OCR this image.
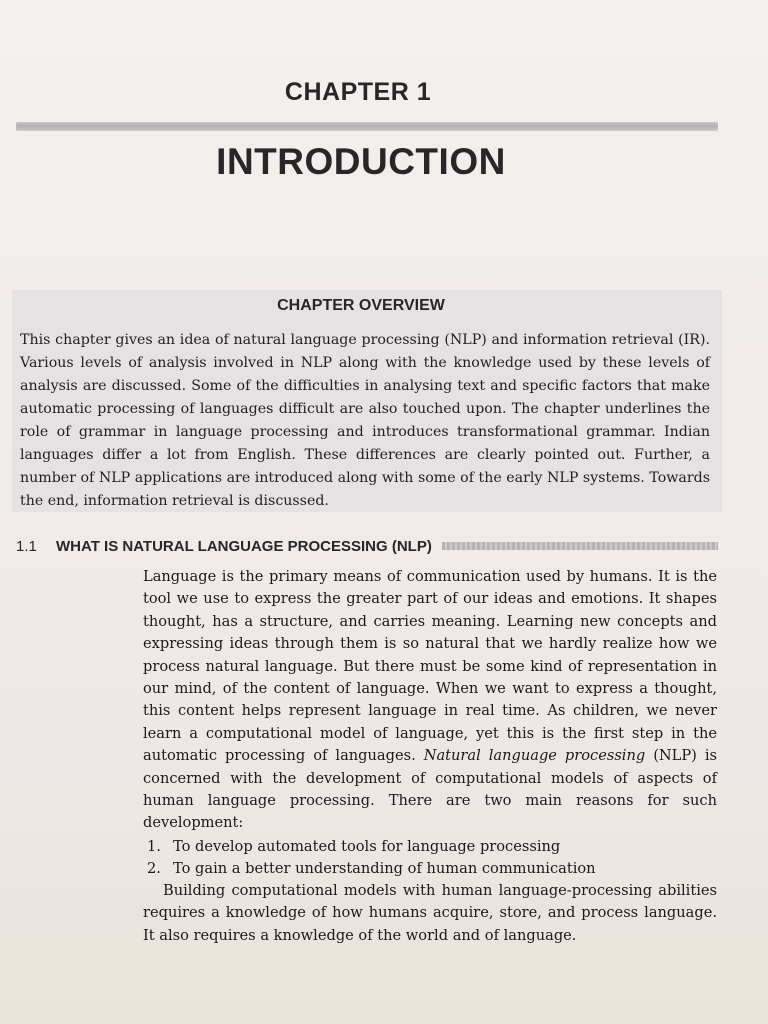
CHAPTER 1
INTRODUCTION
CHAPTER OVERVIEW

This chapter gives an idea of natural language processing (NLP) and information retrieval (IR). Various levels of analysis involved in NLP along with the knowledge used by these levels of analysis are discussed. Some of the difficulties in analysing text and specific factors that make automatic processing of languages difficult are also touched upon. The chapter underlines the role of grammar in language processing and introduces transformational grammar. Indian languages differ a lot from English. These differences are clearly pointed out. Further, a number of NLP applications are introduced along with some of the early NLP systems. Towards the end, information retrieval is discussed.

1.1	WHAT IS NATURAL LANGUAGE PROCESSING (NLP)

Language is the primary means of communication used by humans. It is the tool we use to express the greater part of our ideas and emotions. It shapes thought, has a structure, and carries meaning. Learning new concepts and expressing ideas through them is so natural that we hardly realize how we process natural language. But there must be some kind of representation in our mind, of the content of language. When we want to express a thought, this content helps represent language in real time. As children, we never learn a computational model of language, yet this is the first step in the automatic processing of languages. Natural language processing (NLP) is concerned with the development of computational models of aspects of human language processing. There are two main reasons for such development:

1. To develop automated tools for language processing
2. To gain a better understanding of human communication

Building computational models with human language-processing abilities requires a knowledge of how humans acquire, store, and process language. It also requires a knowledge of the world and of language.
